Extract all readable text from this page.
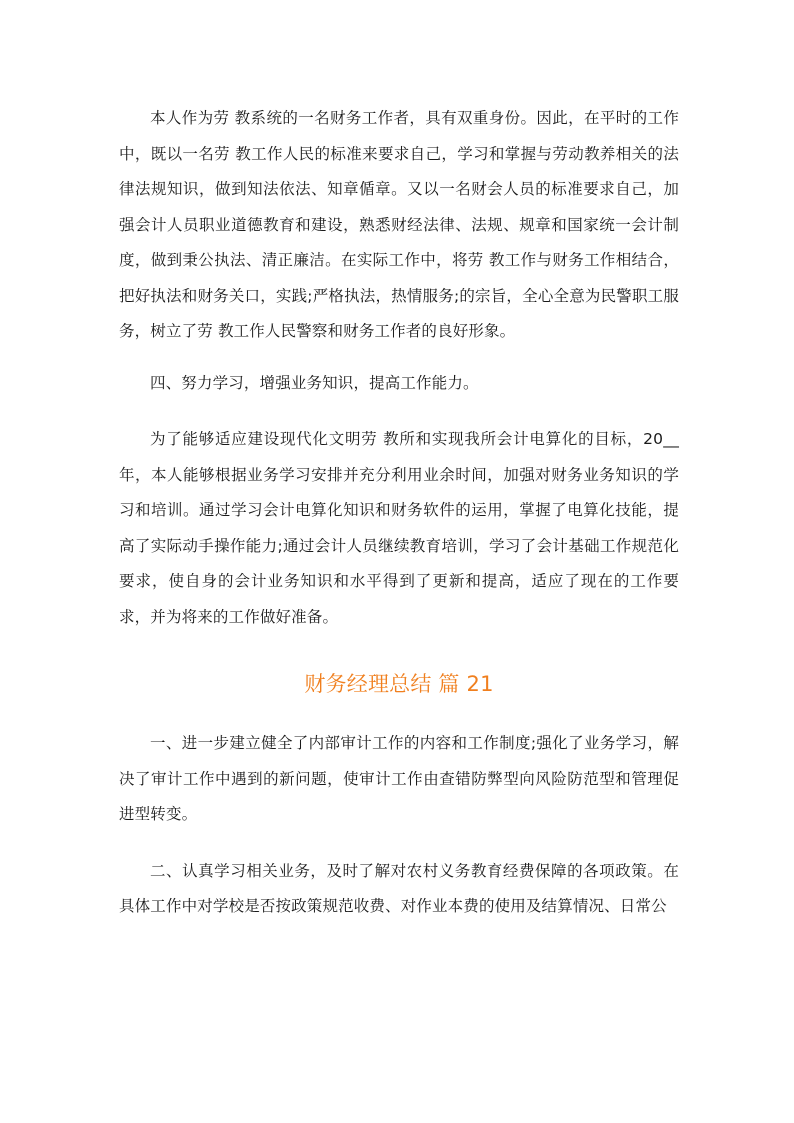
本人作为劳 教系统的一名财务工作者，具有双重身份。因此，在平时的工作中，既以一名劳 教工作人民的标准来要求自己，学习和掌握与劳动教养相关的法律法规知识，做到知法依法、知章偱章。又以一名财会人员的标准要求自己，加强会计人员职业道德教育和建设，熟悉财经法律、法规、规章和国家统一会计制度，做到秉公执法、清正廉洁。在实际工作中，将劳 教工作与财务工作相结合，把好执法和财务关口，实践;严格执法，热情服务;的宗旨，全心全意为民警职工服务，树立了劳 教工作人民警察和财务工作者的良好形象。

四、努力学习，增强业务知识，提高工作能力。

为了能够适应建设现代化文明劳 教所和实现我所会计电算化的目标，20__年，本人能够根据业务学习安排并充分利用业余时间，加强对财务业务知识的学习和培训。通过学习会计电算化知识和财务软件的运用，掌握了电算化技能，提高了实际动手操作能力;通过会计人员继续教育培训，学习了会计基础工作规范化要求，使自身的会计业务知识和水平得到了更新和提高，适应了现在的工作要求，并为将来的工作做好准备。

财务经理总结 篇 21

一、进一步建立健全了内部审计工作的内容和工作制度;强化了业务学习，解决了审计工作中遇到的新问题，使审计工作由查错防弊型向风险防范型和管理促进型转变。

二、认真学习相关业务，及时了解对农村义务教育经费保障的各项政策。在具体工作中对学校是否按政策规范收费、对作业本费的使用及结算情况、日常公
